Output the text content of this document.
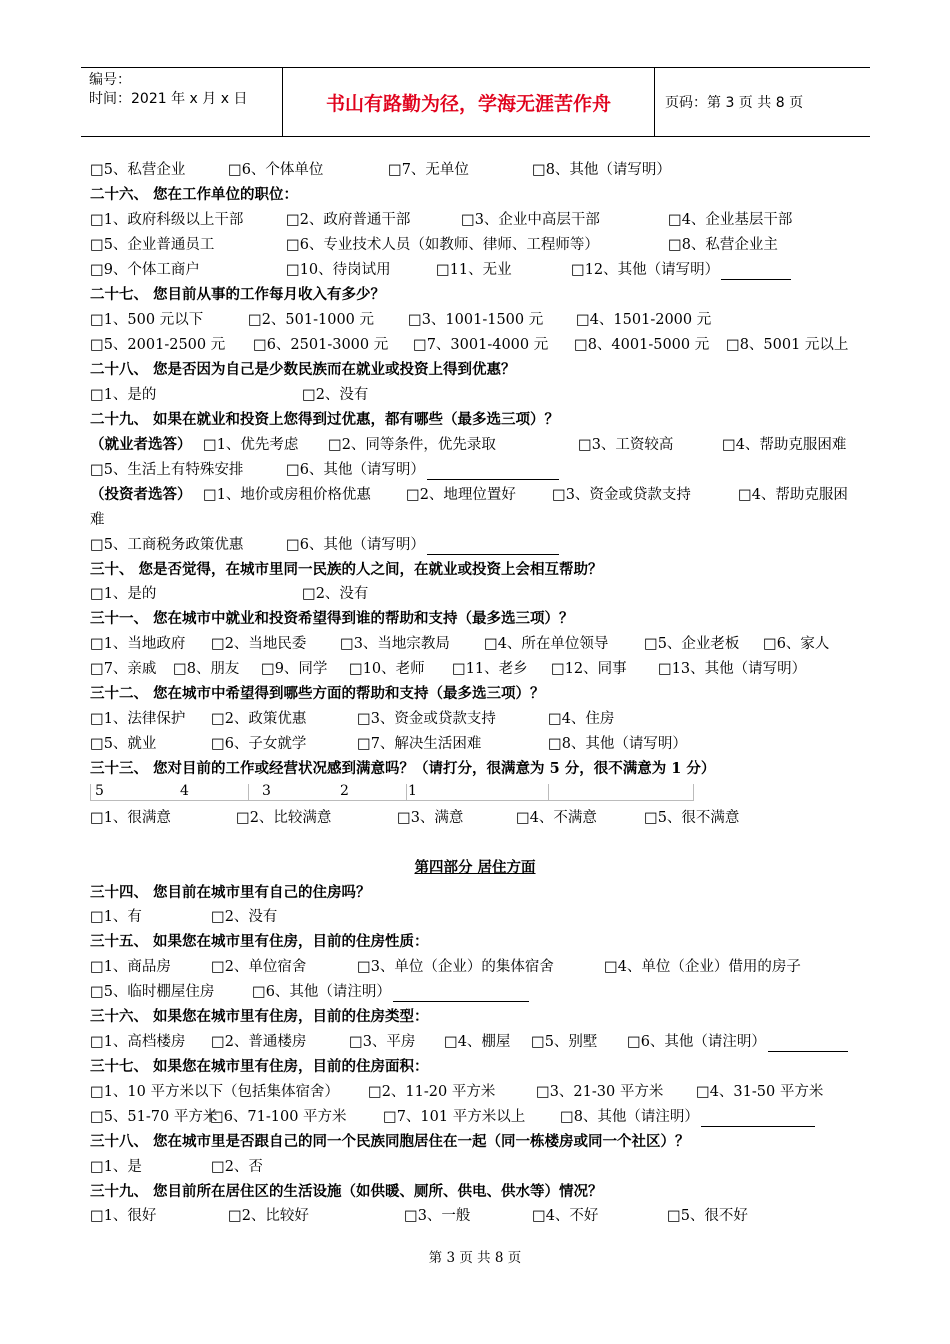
编号：
时间：2021 年 x 月 x 日	书山有路勤为径，学海无涯苦作舟	页码：第 3 页 共 8 页
□5、私营企业	□6、个体单位	□7、无单位	□8、其他（请写明）
二十六、 您在工作单位的职位：
□1、政府科级以上干部	□2、政府普通干部	□3、企业中高层干部	□4、企业基层干部
□5、企业普通员工	□6、专业技术人员（如教师、律师、工程师等）	□8、私营企业主
□9、个体工商户	□10、待岗试用	□11、无业	□12、其他（请写明）
二十七、 您目前从事的工作每月收入有多少？
□1、500 元以下	□2、501-1000 元 □3、1001-1500 元 □4、1501-2000 元
□5、2001-2500 元 □6、2501-3000 元 □7、3001-4000 元 □8、4001-5000 元 □8、5001 元以上
二十八、 您是否因为自己是少数民族而在就业或投资上得到优惠？
□1、是的	□2、没有
二十九、 如果在就业和投资上您得到过优惠，都有哪些（最多选三项）？
（就业者选答） □1、优先考虑 □2、同等条件，优先录取	□3、工资较高	□4、帮助克服困难
□5、生活上有特殊安排	□6、其他（请写明）
（投资者选答） □1、地价或房租价格优惠 □2、地理位置好 □3、资金或贷款支持	□4、帮助克服困
难
□5、工商税务政策优惠	□6、其他（请写明）
三十、 您是否觉得，在城市里同一民族的人之间，在就业或投资上会相互帮助？
□1、是的	□2、没有
三十一、 您在城市中就业和投资希望得到谁的帮助和支持（最多选三项）？
□1、当地政府 □2、当地民委 □3、当地宗教局 □4、所在单位领导 □5、企业老板 □6、家人
□7、亲戚 □8、朋友 □9、同学 □10、老师 □11、老乡 □12、同事 □13、其他（请写明）
三十二、 您在城市中希望得到哪些方面的帮助和支持（最多选三项）？
□1、法律保护 □2、政策优惠	□3、资金或贷款支持	□4、住房
□5、就业	□6、子女就学	□7、解决生活困难	□8、其他（请写明）
三十三、 您对目前的工作或经营状况感到满意吗？（请打分，很满意为 5 分，很不满意为 1 分）
□1、很满意	□2、比较满意	□3、满意	□4、不满意	□5、很不满意
三十四、 您目前在城市里有自己的住房吗？
□1、有	□2、没有
三十五、 如果您在城市里有住房，目前的住房性质：
□1、商品房	□2、单位宿舍	□3、单位（企业）的集体宿舍	□4、单位（企业）借用的房子
□5、临时棚屋住房	□6、其他（请注明）
三十六、 如果您在城市里有住房，目前的住房类型：
□1、高档楼房 □2、普通楼房	□3、平房 □4、棚屋 □5、别墅 □6、其他（请注明）
三十七、 如果您在城市里有住房，目前的住房面积：
□1、10 平方米以下（包括集体宿舍） □2、11-20 平方米	□3、21-30 平方米 □4、31-50 平方米
□5、51-70 平方米
□6、71-100 平方米	□7、101 平方米以上 □8、其他（请注明）
三十八、 您在城市里是否跟自己的同一个民族同胞居住在一起（同一栋楼房或同一个社区）？
□1、是	□2、否
三十九、 您目前所在居住区的生活设施（如供暖、厕所、供电、供水等）情况？
□1、很好	□2、比较好	□3、一般	□4、不好	□5、很不好
5	4	3	2	1
第四部分 居住方面
第 3 页 共 8 页
